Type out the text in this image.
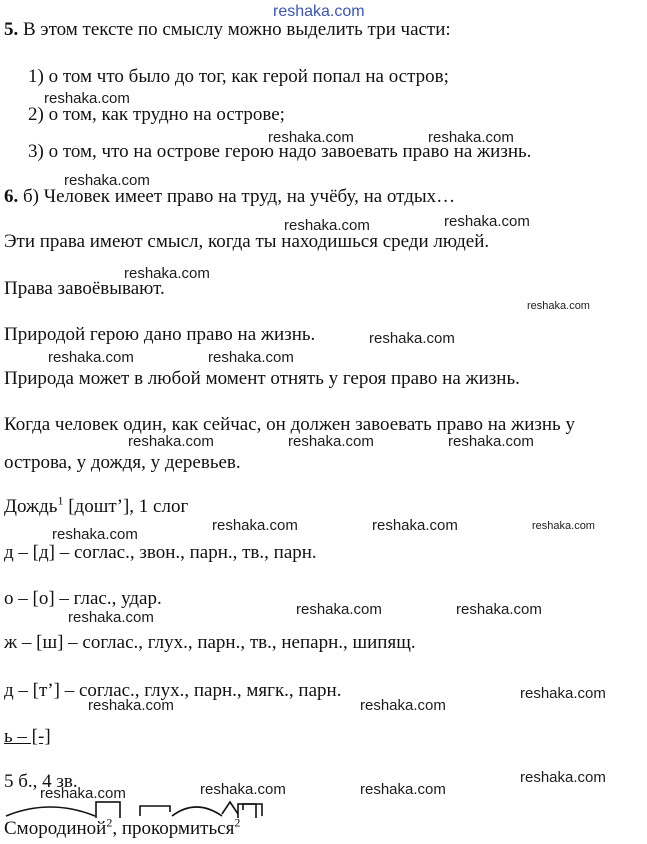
reshaka.com
reshaka.com
reshaka.com	reshaka.com
reshaka.com
reshaka.com	reshaka.com
reshaka.com
reshaka.com
reshaka.com
reshaka.com	reshaka.com
reshaka.com	reshaka.com	reshaka.com
reshaka.com
reshaka.com	reshaka.com	reshaka.com
reshaka.com	reshaka.com	reshaka.com
reshaka.com
reshaka.com	reshaka.com
reshaka.com
reshaka.com	reshaka.com	reshaka.com
5. В этом тексте по смыслу можно выделить три части:
1) о том что было до тог, как герой попал на остров;
2) о том, как трудно на острове;
3) о том, что на острове герою надо завоевать право на жизнь.
6. б) Человек имеет право на труд, на учёбу, на отдых…
Эти права имеют смысл, когда ты находишься среди людей.
Права завоёвывают.
Природой герою дано право на жизнь.
Природа может в любой момент отнять у героя право на жизнь.
Когда человек один, как сейчас, он должен завоевать право на жизнь у
острова, у дождя, у деревьев.
Дождь$^1$ [дошт’], 1 слог
д – [д] – соглас., звон., парн., тв., парн.
о – [о] – глас., удар.
ж – [ш] – соглас., глух., парн., тв., непарн., шипящ.
д – [т’] – соглас., глух., парн., мягк., парн.
ь – [-]
5 б., 4 зв.
Смородиной$^2$, прокормиться$^2$
